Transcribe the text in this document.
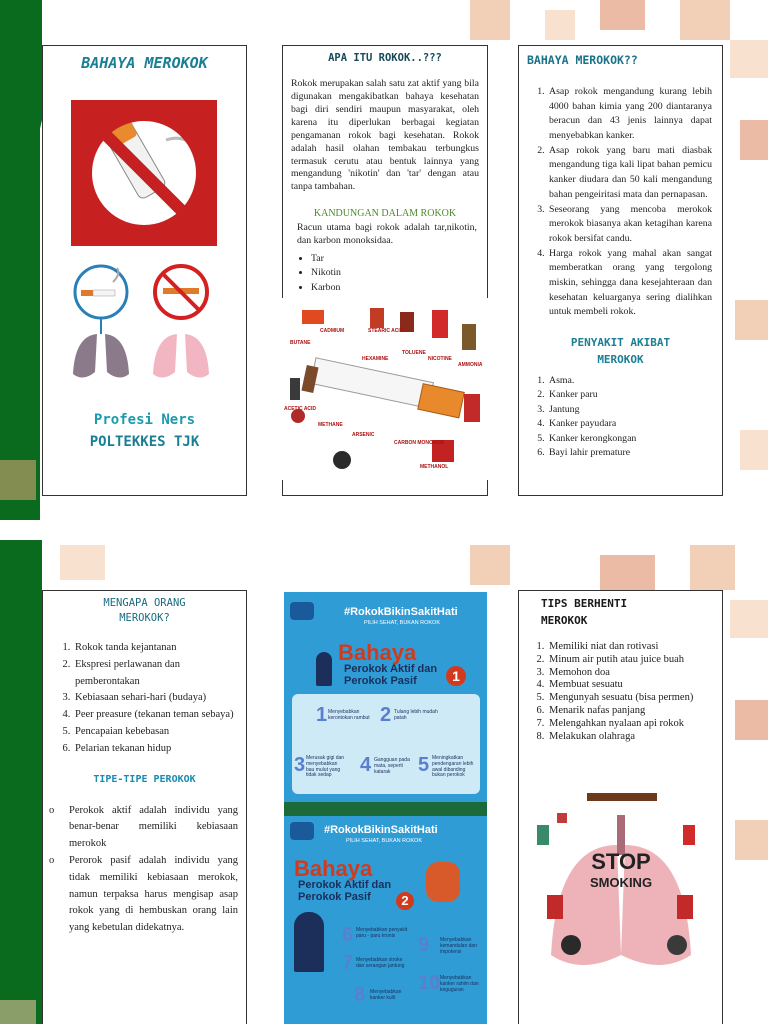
BAHAYA MEROKOK
Profesi Ners
POLTEKKES TJK
APA ITU ROKOK..???

Rokok merupakan salah satu zat aktif yang bila digunakan mengakibatkan bahaya kesehatan bagi diri sendiri maupun masyarakat, oleh karena itu diperlukan berbagai kegiatan pengamanan rokok bagi kesehatan. Rokok adalah hasil olahan tembakau terbungkus termasuk cerutu atau bentuk lainnya yang mengandung 'nikotin' dan 'tar' dengan atau tanpa tambahan.

KANDUNGAN DALAM ROKOK

Racun utama bagi rokok adalah tar,nikotin, dan karbon monoksidaa.

• Tar
• Nikotin
• Karbon
CADMIUM	STEARIC ACID
BUTANE
HEXAMINE
TOLUENE
NICOTINE
AMMONIA
ACETIC ACID
METHANE
ARSENIC
CARBON MONOXIDE
METHANOL
BAHAYA MEROKOK??
1. Asap rokok mengandung kurang lebih 4000 bahan kimia yang 200 diantaranya beracun dan 43 jenis lainnya dapat menyebabkan kanker.
2. Asap rokok yang baru mati diasbak mengandung tiga kali lipat bahan pemicu kanker diudara dan 50 kali mengandung bahan pengeiritasi mata dan pernapasan.
3. Seseorang yang mencoba merokok merokok biasanya akan ketagihan karena rokok bersifat candu.
4. Harga rokok yang mahal akan sangat memberatkan orang yang tergolong miskin, sehingga dana kesejahteraan dan kesehatan keluarganya sering dialihkan untuk membeli rokok.
PENYAKIT AKIBAT
MEROKOK
1. Asma.
2. Kanker paru
3. Jantung
4. Kanker payudara
5. Kanker kerongkongan
6. Bayi lahir premature
MENGAPA ORANG
MEROKOK?
1. Rokok tanda kejantanan
2. Ekspresi perlawanan dan pemberontakan
3. Kebiasaan sehari-hari (budaya)
4. Peer preasure (tekanan teman sebaya)
5. Pencapaian kebebasan
6. Pelarian tekanan hidup
TIPE-TIPE PEROKOK
o	Perokok aktif adalah individu yang benar-benar memiliki kebiasaan merokok
o	Perorok pasif adalah individu yang tidak memiliki kebiasaan merokok, namun terpaksa harus mengisap asap rokok yang di hembuskan orang lain yang kebetulan didekatnya.
#RokokBikinSakitHati
PILIH SEHAT, BUKAN ROKOK
Bahaya
Perokok Aktif dan Perokok Pasif	1
1	2
3	4 5
Menyebabkan kerontokan rambut
Tulang lebih mudah patah
Merusak gigi dan menyebabkan bau mulut yang tidak sedap
Gangguan pada mata, seperti katarak
Meningkatkan pendengaran lebih awal dibanding bukan perokok
#RokokBikinSakitHati
PILIH SEHAT, BUKAN ROKOK
Bahaya
Perokok Aktif dan Perokok Pasif	2
6
7
8
9
10
Menyebabkan penyakit paru - paru kronis
Menyebabkan stroke dan serangan jantung
Menyebabkan kanker kulit
Menyebabkan kemandulan dan impotensi
Menyebabkan kanker rahim dan keguguran
TIPS BERHENTI
MEROKOK
1. Memiliki niat dan rotivasi
2. Minum air putih atau juice buah
3. Memohon doa
4. Membuat sesuatu
5. Mengunyah sesuatu (bisa permen)
6. Menarik nafas panjang
7. Melengahkan nyalaan api rokok
8. Melakukan olahraga
STOP
SMOKING
